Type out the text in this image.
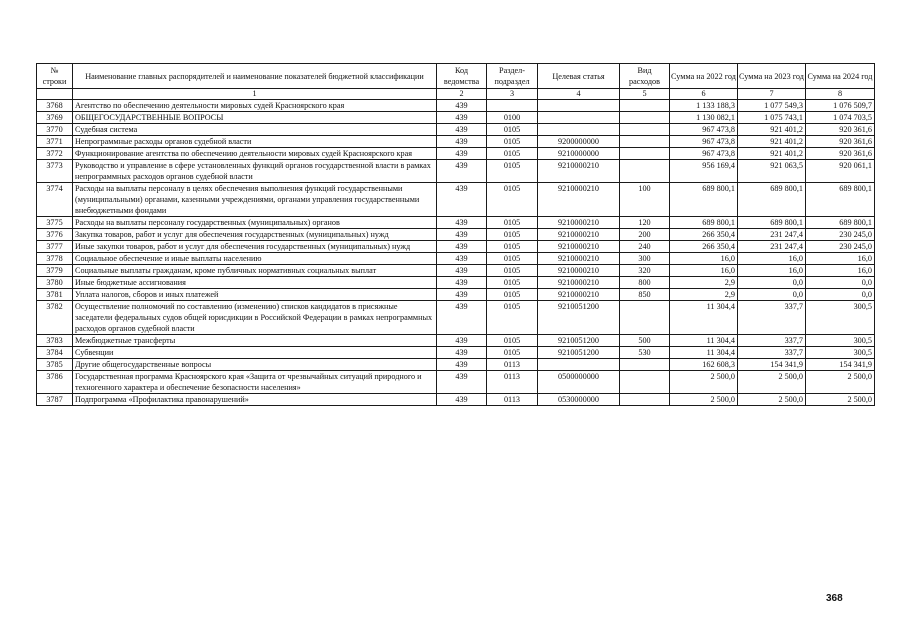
№ строки	Наименование главных распорядителей и наименование показателей бюджетной классификации	Код ведомства	Раздел-подраздел	Целевая статья	Вид расходов	Сумма на 2022 год	Сумма на 2023 год	Сумма на 2024 год
	1	2	3	4	5	6	7	8
3768	Агентство по обеспечению деятельности мировых судей Красноярского края	439				1 133 188,3	1 077 549,3	1 076 509,7
3769	ОБЩЕГОСУДАРСТВЕННЫЕ ВОПРОСЫ	439	0100			1 130 082,1	1 075 743,1	1 074 703,5
3770	Судебная система	439	0105			967 473,8	921 401,2	920 361,6
3771	Непрограммные расходы органов судебной власти	439	0105	9200000000		967 473,8	921 401,2	920 361,6
3772	Функционирование агентства по обеспечению деятельности мировых судей Красноярского края	439	0105	9210000000		967 473,8	921 401,2	920 361,6
3773	Руководство и управление в сфере установленных функций органов государственной власти в рамках непрограммных расходов органов судебной власти	439	0105	9210000210		956 169,4	921 063,5	920 061,1
3774	Расходы на выплаты персоналу в целях обеспечения выполнения функций государственными (муниципальными) органами, казенными учреждениями, органами управления государственными внебюджетными фондами	439	0105	9210000210	100	689 800,1	689 800,1	689 800,1
3775	Расходы на выплаты персоналу государственных (муниципальных) органов	439	0105	9210000210	120	689 800,1	689 800,1	689 800,1
3776	Закупка товаров, работ и услуг для обеспечения государственных (муниципальных) нужд	439	0105	9210000210	200	266 350,4	231 247,4	230 245,0
3777	Иные закупки товаров, работ и услуг для обеспечения государственных (муниципальных) нужд	439	0105	9210000210	240	266 350,4	231 247,4	230 245,0
3778	Социальное обеспечение и иные выплаты населению	439	0105	9210000210	300	16,0	16,0	16,0
3779	Социальные выплаты гражданам, кроме публичных нормативных социальных выплат	439	0105	9210000210	320	16,0	16,0	16,0
3780	Иные бюджетные ассигнования	439	0105	9210000210	800	2,9	0,0	0,0
3781	Уплата налогов, сборов и иных платежей	439	0105	9210000210	850	2,9	0,0	0,0
3782	Осуществление полномочий по составлению (изменению) списков кандидатов в присяжные заседатели федеральных судов общей юрисдикции в Российской Федерации в рамках непрограммных расходов органов судебной власти	439	0105	9210051200		11 304,4	337,7	300,5
3783	Межбюджетные трансферты	439	0105	9210051200	500	11 304,4	337,7	300,5
3784	Субвенции	439	0105	9210051200	530	11 304,4	337,7	300,5
3785	Другие общегосударственные вопросы	439	0113			162 608,3	154 341,9	154 341,9
3786	Государственная программа Красноярского края «Защита от чрезвычайных ситуаций природного и техногенного характера и обеспечение безопасности населения»	439	0113	0500000000		2 500,0	2 500,0	2 500,0
3787	Подпрограмма «Профилактика правонарушений»	439	0113	0530000000		2 500,0	2 500,0	2 500,0
368
